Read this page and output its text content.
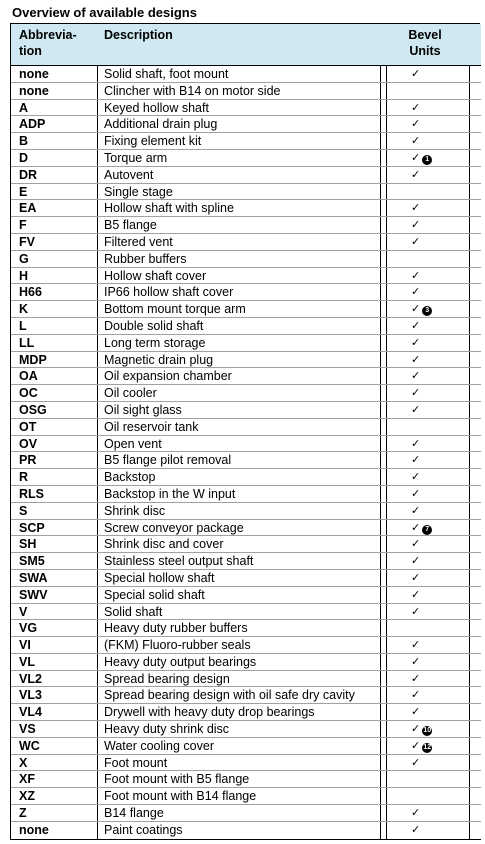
Overview of available designs
Abbrevia-
tion
Description	Bevel
Units
none	Solid shaft, foot mount	✓
none	Clincher with B14 on motor side
A	Keyed hollow shaft	✓
ADP	Additional drain plug	✓
B	Fixing element kit	✓
D	Torque arm	✓ 1
DR	Autovent	✓
E	Single stage
EA	Hollow shaft with spline	✓
F	B5 flange	✓
FV	Filtered vent	✓
G	Rubber buffers
H	Hollow shaft cover	✓
H66	IP66 hollow shaft cover	✓
K	Bottom mount torque arm	✓ 3
L	Double solid shaft	✓
LL	Long term storage	✓
MDP	Magnetic drain plug	✓
OA	Oil expansion chamber	✓
OC	Oil cooler	✓
OSG	Oil sight glass	✓
OT	Oil reservoir tank
OV	Open vent	✓
PR	B5 flange pilot removal	✓
R	Backstop	✓
RLS	Backstop in the W input	✓
S	Shrink disc	✓
SCP	Screw conveyor package	✓ 7
SH	Shrink disc and cover	✓
SM5	Stainless steel output shaft	✓
SWA	Special hollow shaft	✓
SWV	Special solid shaft	✓
V	Solid shaft	✓
VG	Heavy duty rubber buffers
VI	(FKM) Fluoro-rubber seals	✓
VL	Heavy duty output bearings	✓
VL2	Spread bearing design	✓
VL3	Spread bearing design with oil safe dry cavity	✓
VL4	Drywell with heavy duty drop bearings	✓
VS	Heavy duty shrink disc	✓ 10
WC	Water cooling cover	✓ 12
X	Foot mount	✓
XF	Foot mount with B5 flange
XZ	Foot mount with B14 flange
Z	B14 flange	✓
none	Paint coatings	✓
